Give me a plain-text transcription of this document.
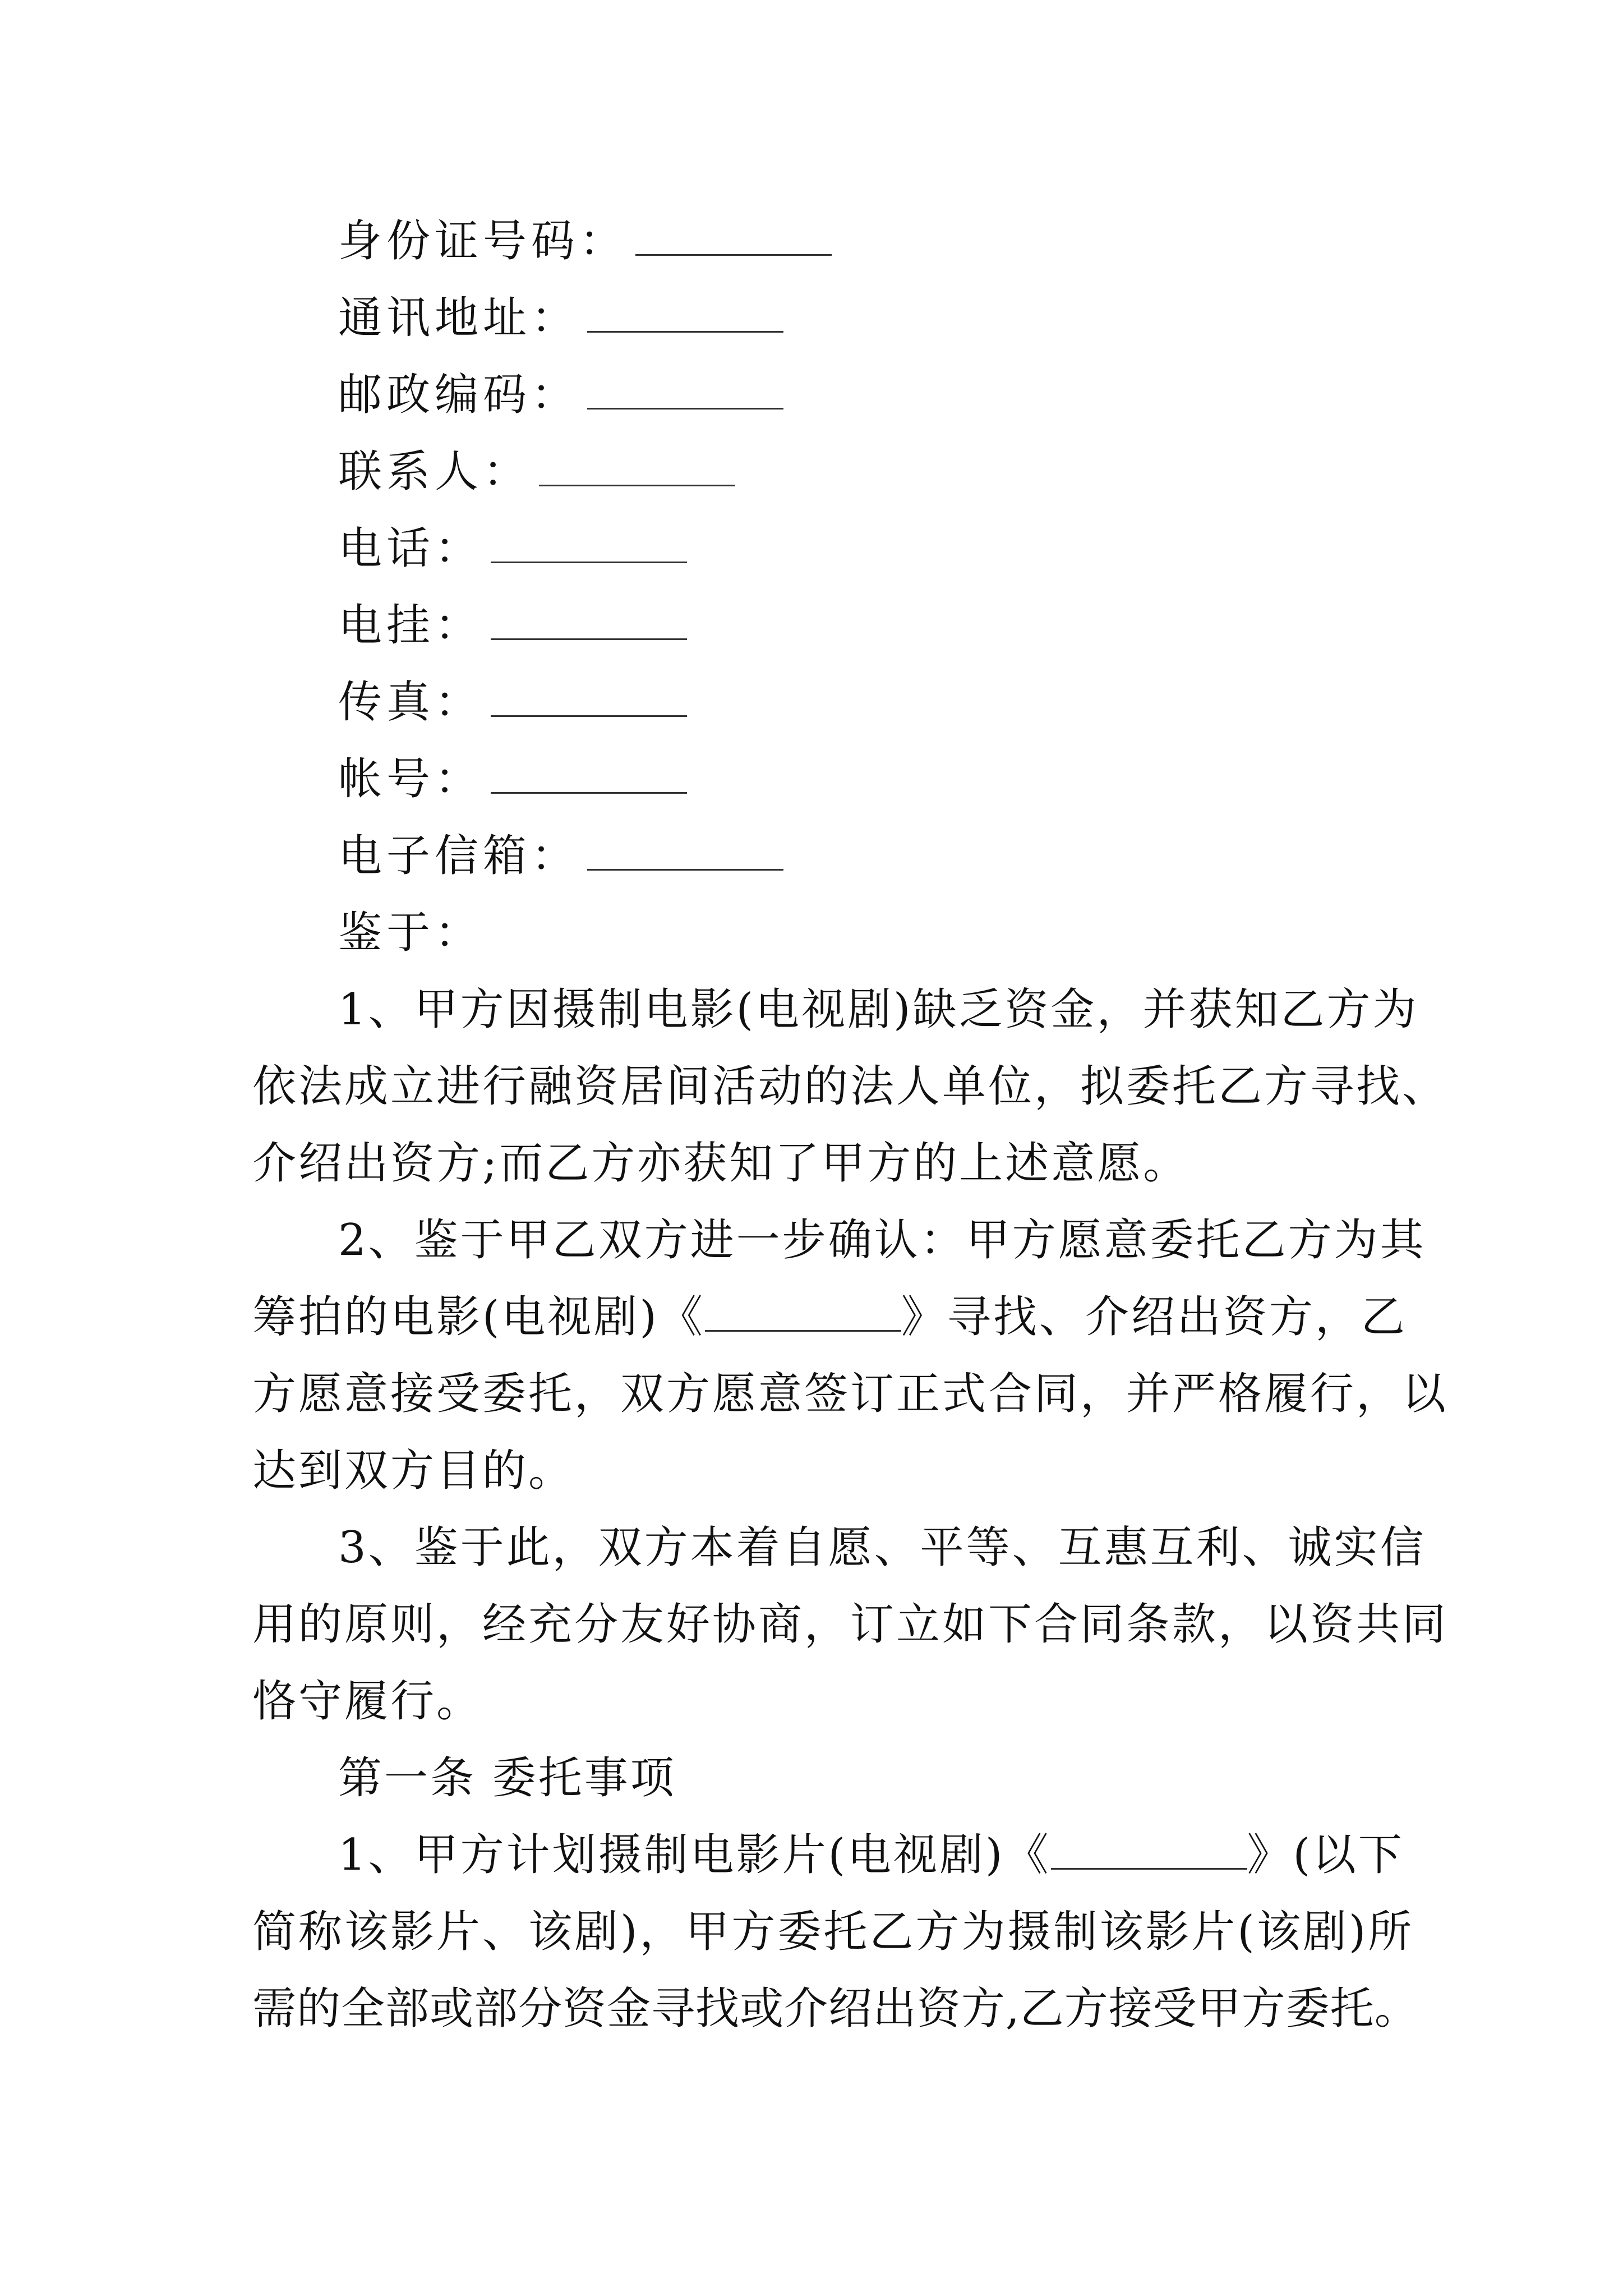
身份证号码：
通讯地址：
邮政编码：
联系人：
电话：
电挂：
传真：
帐号：
电子信箱：
鉴于：
1、甲方因摄制电影(电视剧)缺乏资金，并获知乙方为
依法成立进行融资居间活动的法人单位，拟委托乙方寻找、
介绍出资方;而乙方亦获知了甲方的上述意愿。
2、鉴于甲乙双方进一步确认：甲方愿意委托乙方为其
筹拍的电影(电视剧)《	》寻找、介绍出资方，乙
方愿意接受委托，双方愿意签订正式合同，并严格履行，以
达到双方目的。
3、鉴于此，双方本着自愿、平等、互惠互利、诚实信
用的原则，经充分友好协商，订立如下合同条款，以资共同
恪守履行。
第一条 委托事项
1、甲方计划摄制电影片(电视剧)《	》(以下
简称该影片、该剧)，甲方委托乙方为摄制该影片(该剧)所
需的全部或部分资金寻找或介绍出资方,乙方接受甲方委托。
